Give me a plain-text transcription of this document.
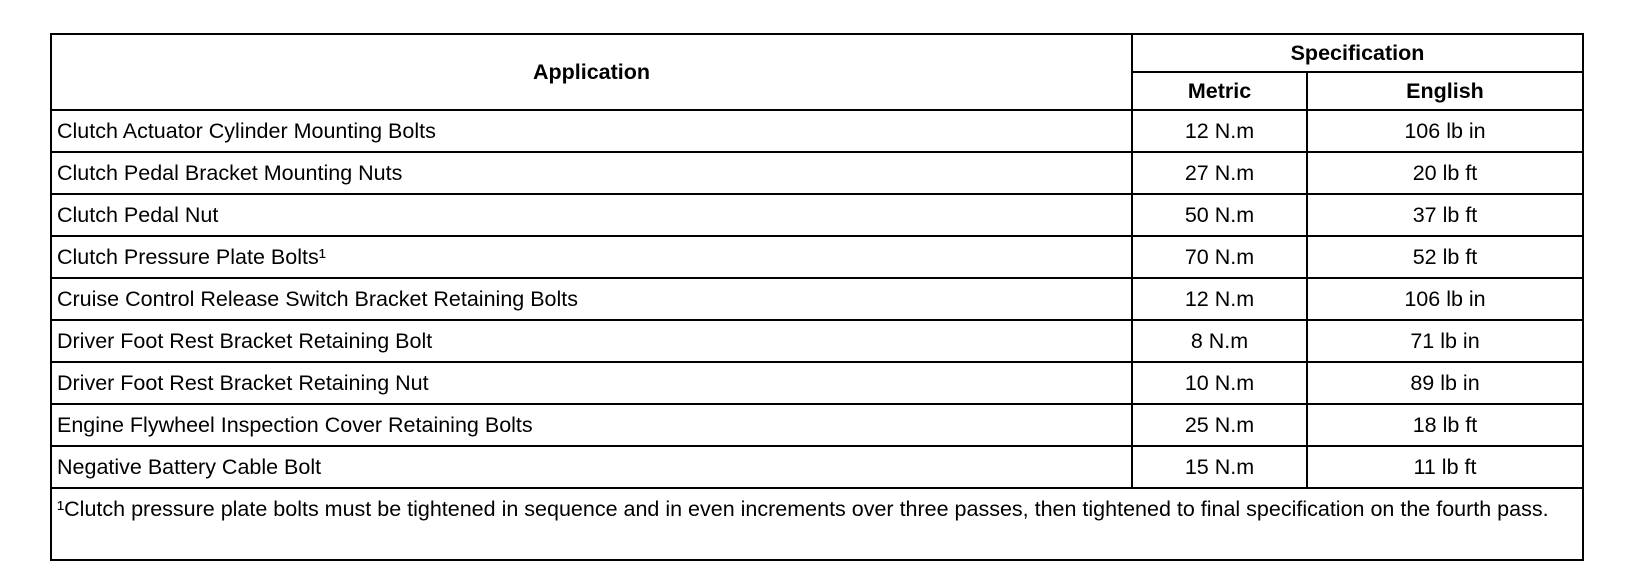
Application	Specification	
	Metric	English
Clutch Actuator Cylinder Mounting Bolts	12 N.m	106 lb in
Clutch Pedal Bracket Mounting Nuts	27 N.m	20 lb ft
Clutch Pedal Nut	50 N.m	37 lb ft
Clutch Pressure Plate Bolts¹	70 N.m	52 lb ft
Cruise Control Release Switch Bracket Retaining Bolts	12 N.m	106 lb in
Driver Foot Rest Bracket Retaining Bolt	8 N.m	71 lb in
Driver Foot Rest Bracket Retaining Nut	10 N.m	89 lb in
Engine Flywheel Inspection Cover Retaining Bolts	25 N.m	18 lb ft
Negative Battery Cable Bolt	15 N.m	11 lb ft
¹Clutch pressure plate bolts must be tightened in sequence and in even increments over three passes, then tightened to final specification on the fourth pass.		
